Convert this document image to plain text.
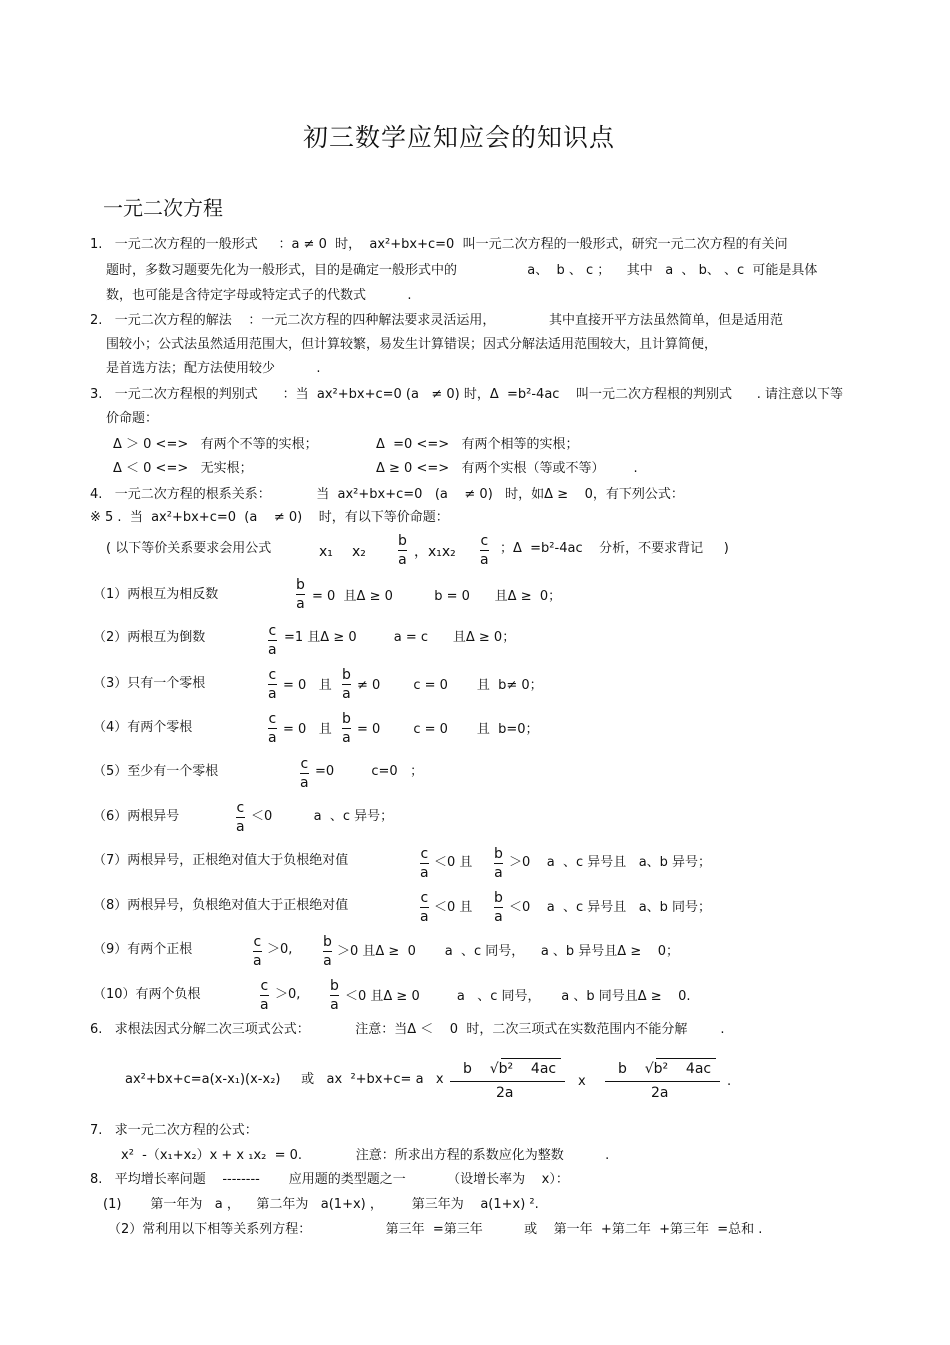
初三数学应知应会的知识点
一元二次方程
1.   一元二次方程的一般形式     ：a ≠ 0  时，  ax²+bx+c=0  叫一元二次方程的一般形式，研究一元二次方程的有关问
题时，多数习题要先化为一般形式，目的是确定一般形式中的                 a、  b 、 c ；    其中   a  、 b、 、c  可能是具体
数，也可能是含待定字母或特定式子的代数式          .
2.   一元二次方程的解法    ：一元二次方程的四种解法要求灵活运用，             其中直接开平方法虽然简单，但是适用范
围较小；公式法虽然适用范围大，但计算较繁，易发生计算错误；因式分解法适用范围较大，且计算简便，
是首选方法；配方法使用较少          .
3.   一元二次方程根的判别式      ：当  ax²+bx+c=0 (a   ≠ 0) 时，Δ  =b²-4ac    叫一元二次方程根的判别式      . 请注意以下等
价命题：
Δ ＞ 0 <=>   有两个不等的实根；	Δ  =0 <=>   有两个相等的实根；
Δ ＜ 0 <=>   无实根；	Δ ≥ 0 <=>   有两个实根（等或不等）       .
4.   一元二次方程的根系关系：           当  ax²+bx+c=0   (a    ≠ 0)   时，如Δ ≥    0，有下列公式：
※ 5 .  当  ax²+bx+c=0  (a    ≠ 0)    时，有以下等价命题：
( 以下等价关系要求会用公式	x₁ x₂
b
a ，x₁x₂
c
a
；Δ  =b²-4ac    分析，不要求背记     )
（1）两根互为相反数
b
a = 0  且Δ ≥ 0          b = 0      且Δ ≥  0；
（2）两根互为倒数	c
a
=1 且Δ ≥ 0         a = c      且Δ ≥ 0；
（3）只有一个零根
c
a
= 0   且
b
a
≠ 0        c = 0       且  b≠ 0；
（4）有两个零根
c
a
= 0   且
b
a
= 0        c = 0       且  b=0；
（5）至少有一个零根	c
a
=0         c=0   ；
（6）两根异号
c
a
＜0          a  、c 异号；
（7）两根异号，正根绝对值大于负根绝对值	c
a
＜0 且
b
a
＞0    a  、c 异号且   a、b 异号；
（8）两根异号，负根绝对值大于正根绝对值	c
a
＜0 且
b
a
＜0    a  、c 异号且   a、b 同号；
（9）有两个正根	c
a
＞0, b
a
＞0 且Δ ≥  0       a  、c 同号，    a 、b 异号且Δ ≥    0；
（10）有两个负根
c
a
＞0,
b
a
＜0 且Δ ≥ 0         a   、c 同号，     a 、b 同号且Δ ≥    0.
6.   求根法因式分解二次三项式公式：           注意：当Δ ＜    0  时，二次三项式在实数范围内不能分解        .
ax²+bx+c=a(x-x₁)(x-x₂)     或   ax  ²+bx+c= a   x
b    √b²    4ac
2a
x
b    √b²    4ac
2a
.
7.   求一元二次方程的公式：
x²  -（x₁+x₂）x + x ₁x₂  = 0.             注意：所求出方程的系数应化为整数          .
8.   平均增长率问题    --------       应用题的类型题之一          （设增长率为    x）：
(1)       第一年为   a ，    第二年为   a(1+x) ，       第三年为    a(1+x) ².
（2）常利用以下相等关系列方程：                  第三年  =第三年          或    第一年  +第二年  +第三年  =总和 .
